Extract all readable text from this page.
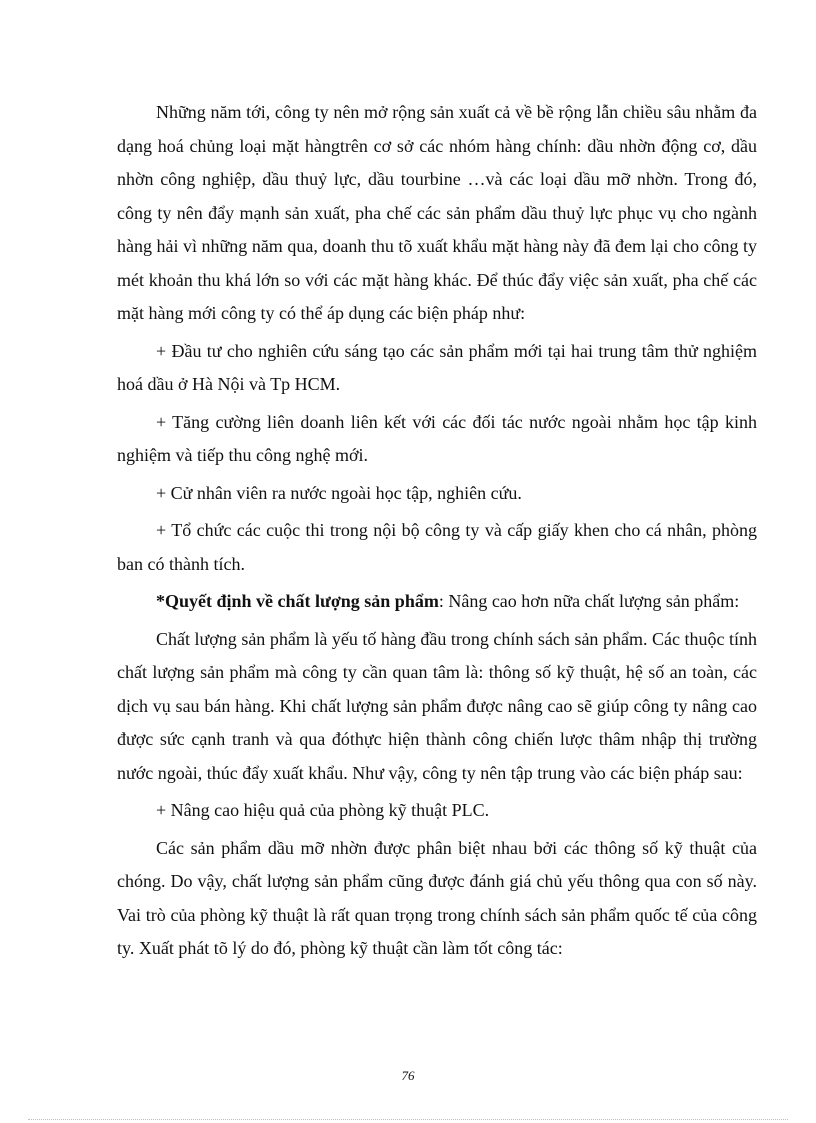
Những năm tới, công ty nên mở rộng sản xuất cả về bề rộng lẫn chiều sâu nhằm đa dạng hoá chủng loại mặt hàngtrên cơ sở các nhóm hàng chính: dầu nhờn động cơ, dầu nhờn công nghiệp, dầu thuỷ lực, dầu tourbine …và các loại dầu mỡ nhờn. Trong đó, công ty nên đẩy mạnh sản xuất, pha chế các sản phẩm dầu thuỷ lực phục vụ cho ngành hàng hải vì những năm qua, doanh thu tõ xuất khẩu mặt hàng này đã đem lại cho công ty mét khoản thu khá lớn so với các mặt hàng khác. Để thúc đẩy việc sản xuất, pha chế các mặt hàng mới công ty có thể áp dụng các biện pháp như:

+ Đầu tư cho nghiên cứu sáng tạo các sản phẩm mới tại hai trung tâm thử nghiệm hoá dầu ở Hà Nội và Tp HCM.

+ Tăng cường liên doanh liên kết với các đối tác nước ngoài nhằm học tập kinh nghiệm và tiếp thu công nghệ mới.

+ Cử nhân viên ra nước ngoài học tập, nghiên cứu.

+ Tổ chức các cuộc thi trong nội bộ công ty và cấp giấy khen cho cá nhân, phòng ban có thành tích.

*Quyết định về chất lượng sản phẩm: Nâng cao hơn nữa chất lượng sản phẩm:

Chất lượng sản phẩm là yếu tố hàng đầu trong chính sách sản phẩm. Các thuộc tính chất lượng sản phẩm mà công ty cần quan tâm là: thông số kỹ thuật, hệ số an toàn, các dịch vụ sau bán hàng. Khi chất lượng sản phẩm được nâng cao sẽ giúp công ty nâng cao được sức cạnh tranh và qua đóthực hiện thành công chiến lược thâm nhập thị trường nước ngoài, thúc đẩy xuất khẩu. Như vậy, công ty nên tập trung vào các biện pháp sau:

+ Nâng cao hiệu quả của phòng kỹ thuật PLC.

Các sản phẩm dầu mỡ nhờn được phân biệt nhau bởi các thông số kỹ thuật của chóng. Do vậy, chất lượng sản phẩm cũng được đánh giá chủ yếu thông qua con số này. Vai trò của phòng kỹ thuật là rất quan trọng trong chính sách sản phẩm quốc tế của công ty. Xuất phát tõ lý do đó, phòng kỹ thuật cần làm tốt công tác:

76
